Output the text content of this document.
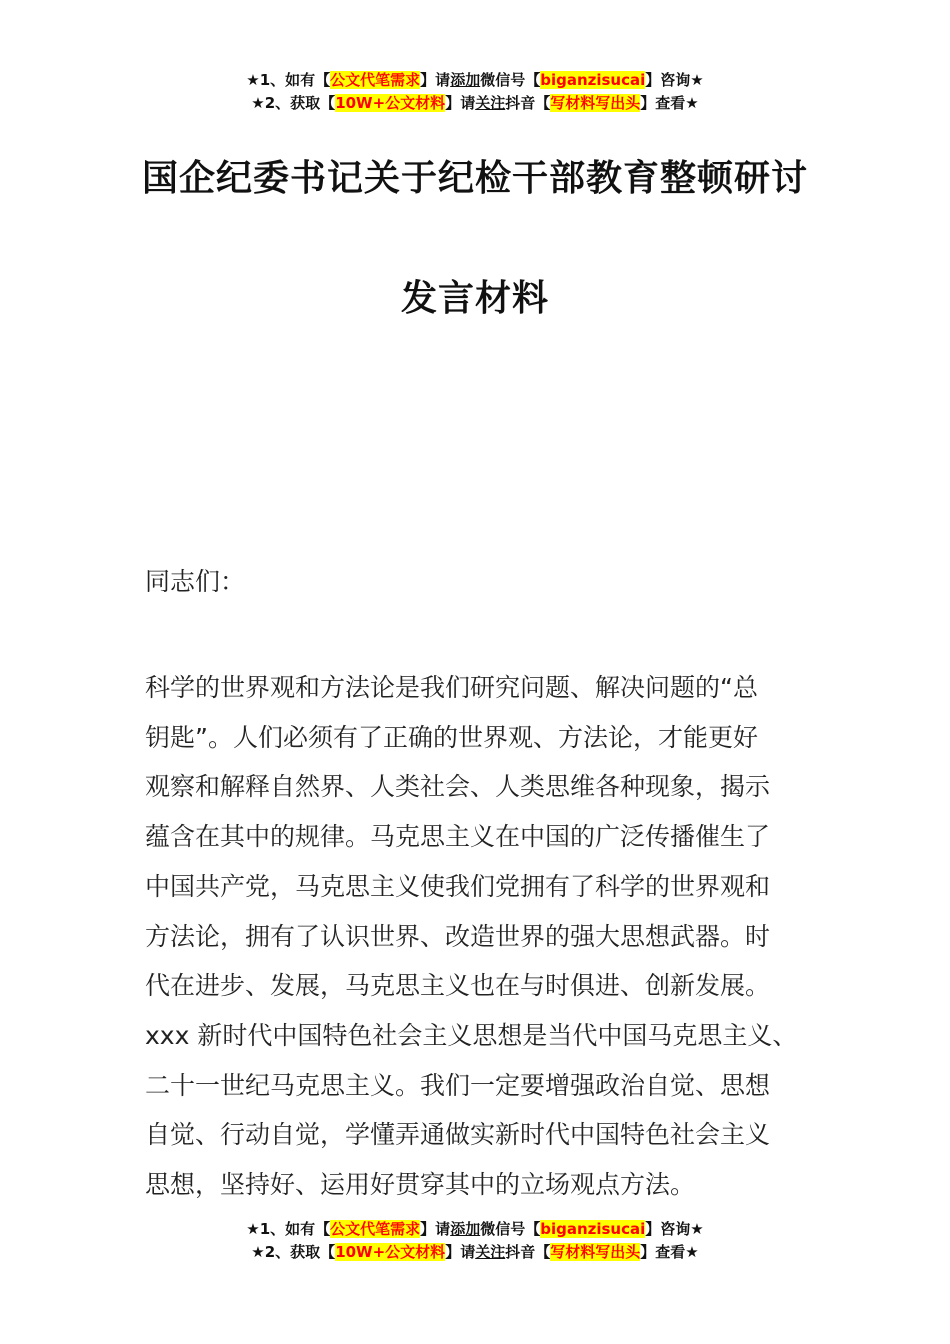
★1、如有【公文代笔需求】请添加微信号【biganzisucai】咨询★
★2、获取【10W+公文材料】请关注抖音【写材料写出头】查看★
国企纪委书记关于纪检干部教育整顿研讨
发言材料
同志们：
科学的世界观和方法论是我们研究问题、解决问题的“总
钥匙”。人们必须有了正确的世界观、方法论，才能更好
观察和解释自然界、人类社会、人类思维各种现象，揭示
蕴含在其中的规律。马克思主义在中国的广泛传播催生了
中国共产党，马克思主义使我们党拥有了科学的世界观和
方法论，拥有了认识世界、改造世界的强大思想武器。时
代在进步、发展，马克思主义也在与时俱进、创新发展。
xxx 新时代中国特色社会主义思想是当代中国马克思主义、
二十一世纪马克思主义。我们一定要增强政治自觉、思想
自觉、行动自觉，学懂弄通做实新时代中国特色社会主义
思想，坚持好、运用好贯穿其中的立场观点方法。
★1、如有【公文代笔需求】请添加微信号【biganzisucai】咨询★
★2、获取【10W+公文材料】请关注抖音【写材料写出头】查看★
